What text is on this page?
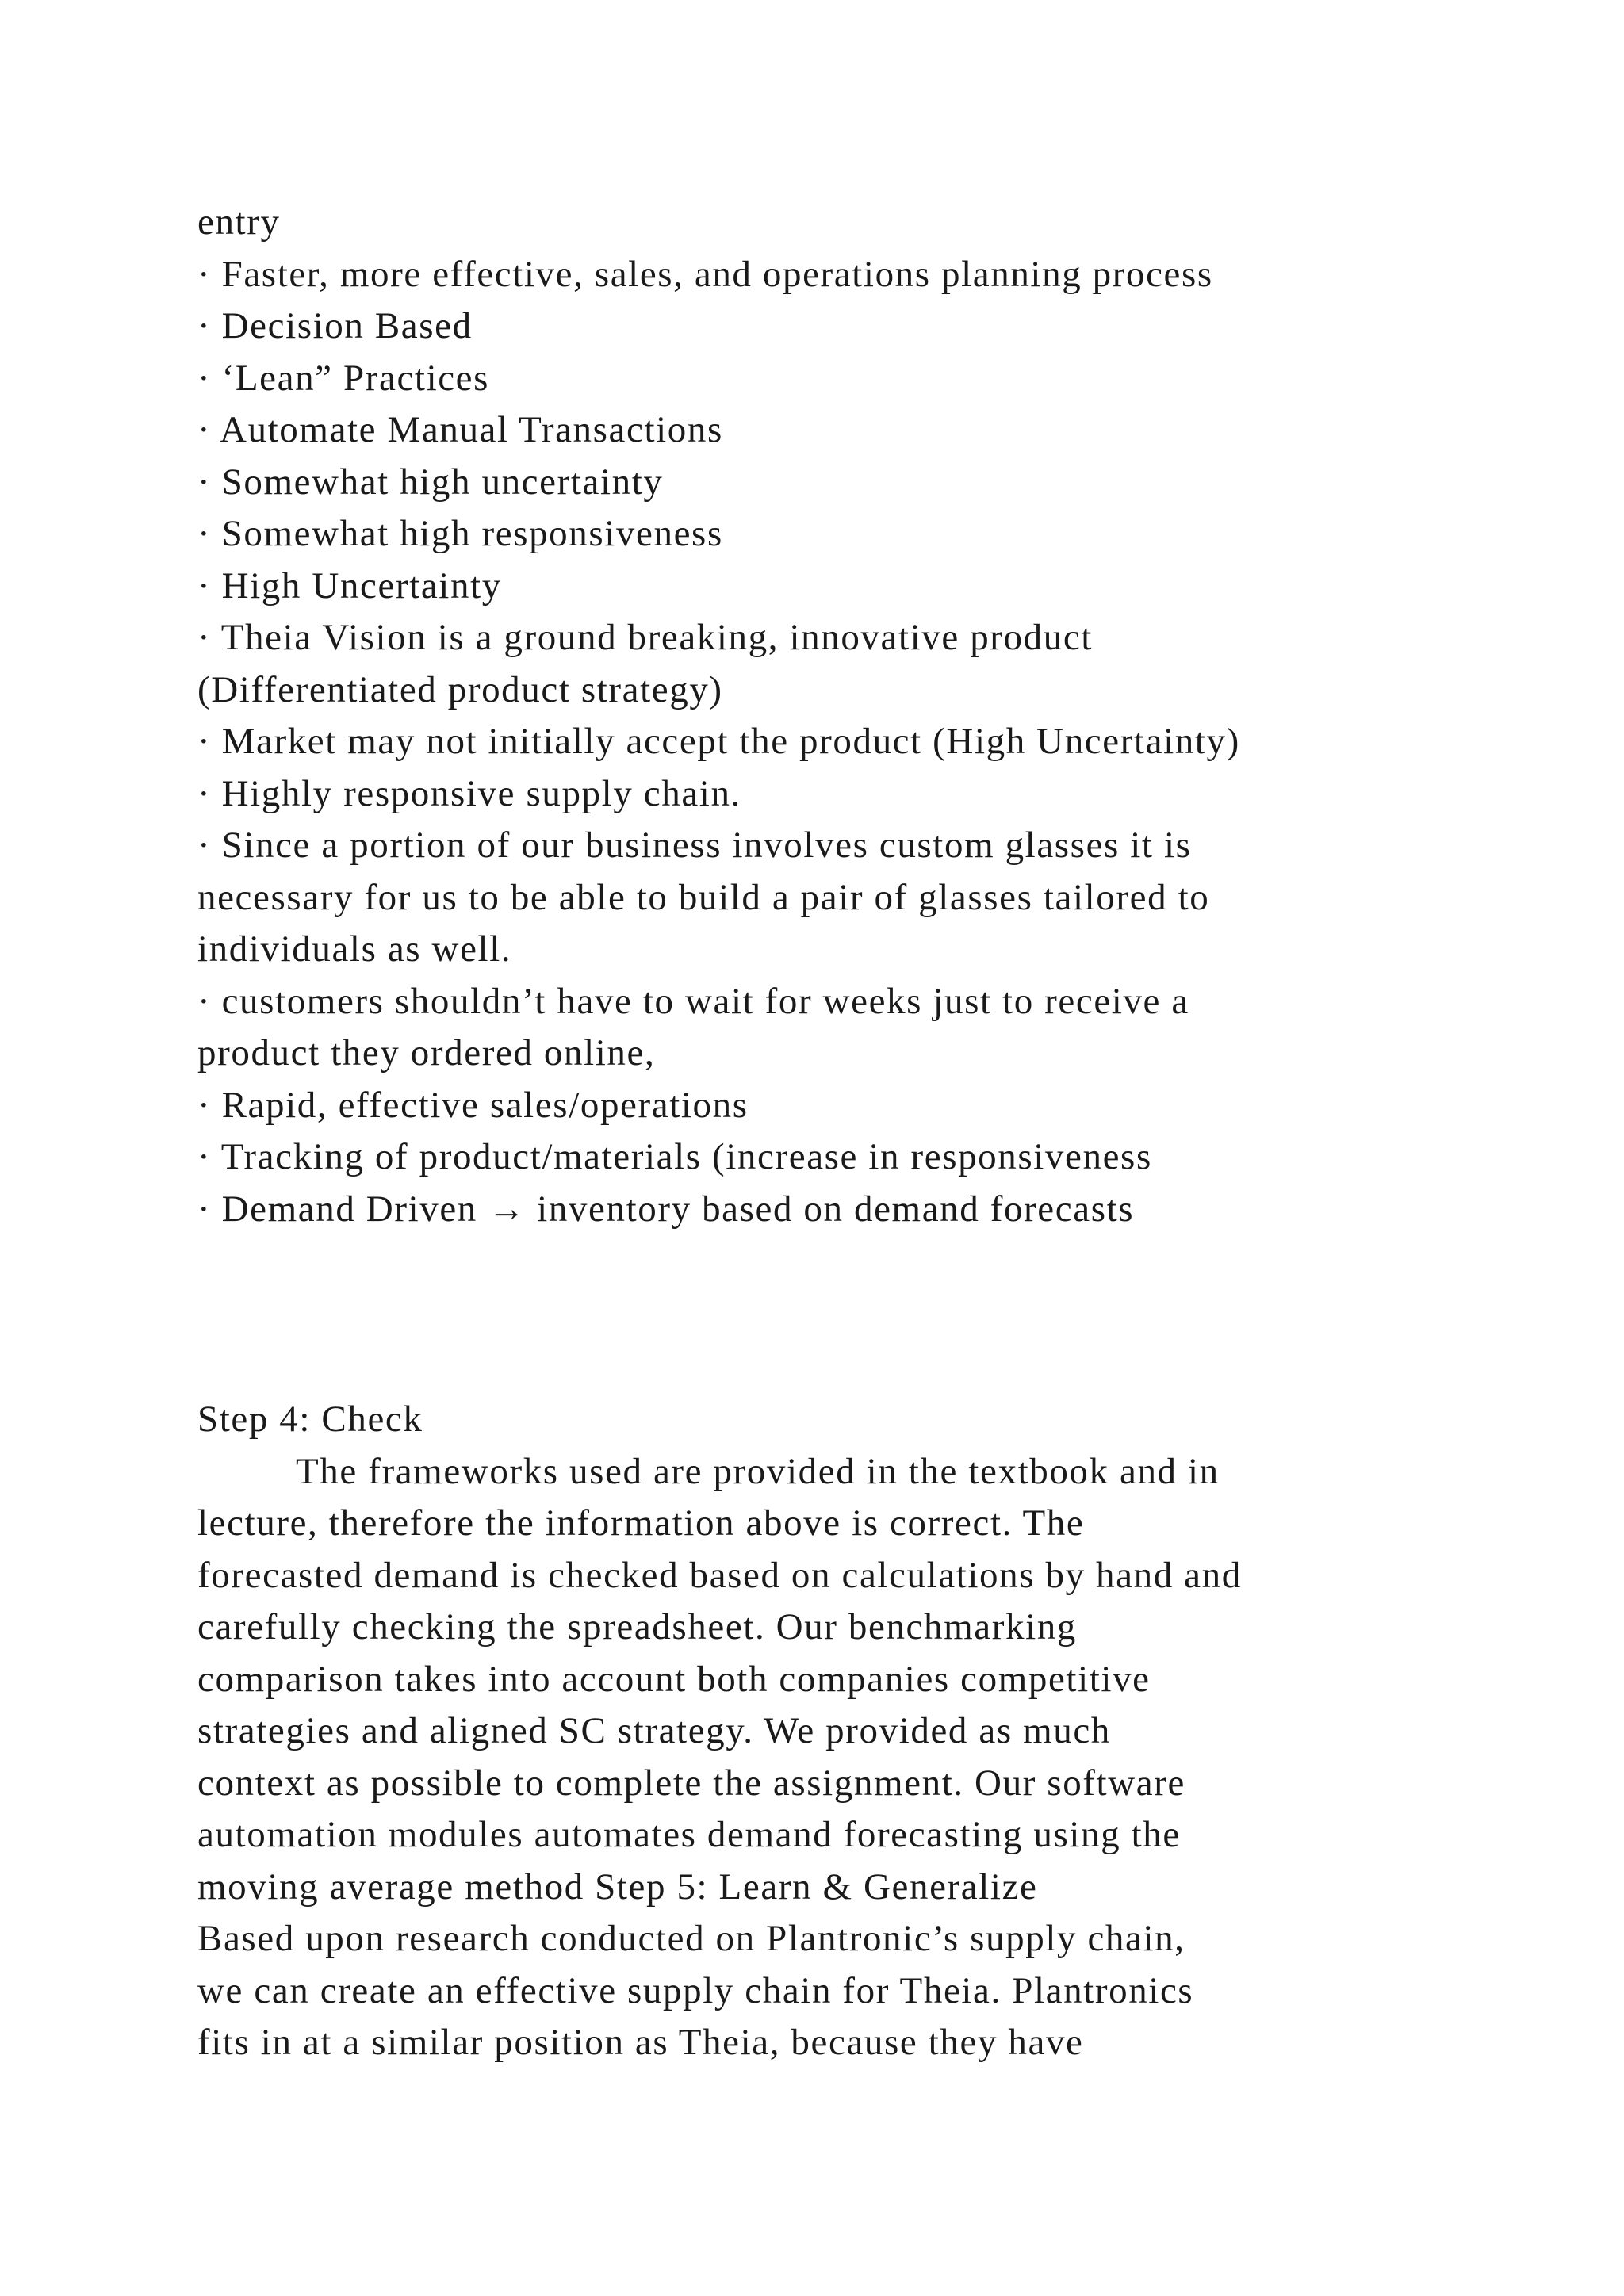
entry
· Faster, more effective, sales, and operations planning process
· Decision Based
· ‘Lean” Practices
· Automate Manual Transactions
· Somewhat high uncertainty
· Somewhat high responsiveness
· High Uncertainty
· Theia Vision is a ground breaking, innovative product
(Differentiated product strategy)
· Market may not initially accept the product (High Uncertainty)
· Highly responsive supply chain.
· Since a portion of our business involves custom glasses it is
necessary for us to be able to build a pair of glasses tailored to
individuals as well.
· customers shouldn’t have to wait for weeks just to receive a
product they ordered online,
· Rapid, effective sales/operations
· Tracking of product/materials (increase in responsiveness
· Demand Driven → inventory based on demand forecasts
Step 4: Check
The frameworks used are provided in the textbook and in
lecture, therefore the information above is correct. The
forecasted demand is checked based on calculations by hand and
carefully checking the spreadsheet. Our benchmarking
comparison takes into account both companies competitive
strategies and aligned SC strategy. We provided as much
context as possible to complete the assignment. Our software
automation modules automates demand forecasting using the
moving average method Step 5: Learn & Generalize
Based upon research conducted on Plantronic’s supply chain,
we can create an effective supply chain for Theia. Plantronics
fits in at a similar position as Theia, because they have
